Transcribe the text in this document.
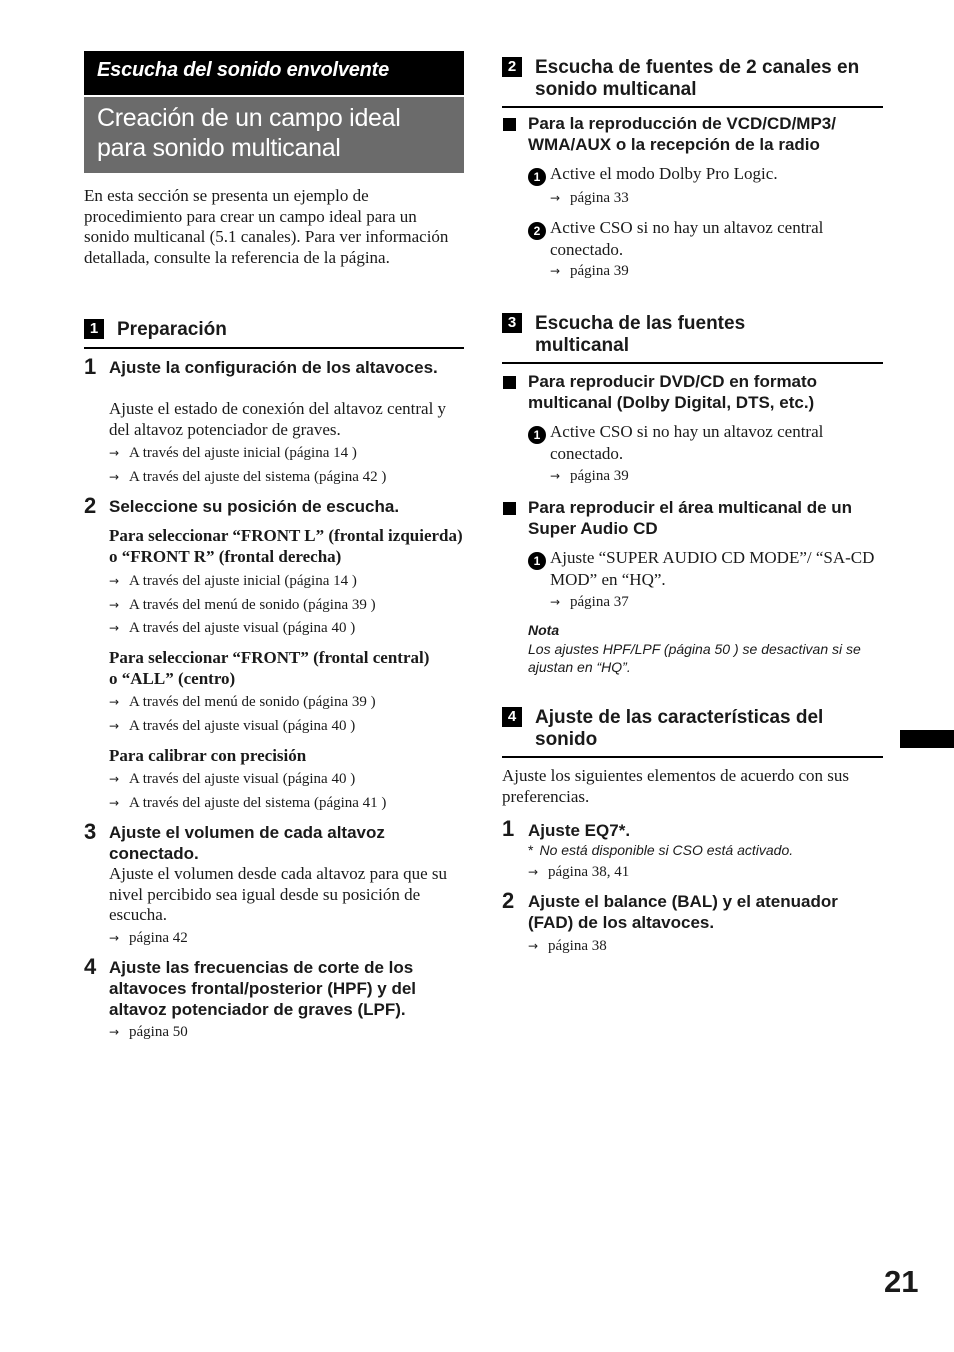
Escucha del sonido envolvente
Creación de un campo ideal
para sonido multicanal
En esta sección se presenta un ejemplo de procedimiento para crear un campo ideal para un sonido multicanal (5.1 canales). Para ver información detallada, consulte la referencia de la página.
1 Preparación
1 Ajuste la configuración de los altavoces.
Ajuste el estado de conexión del altavoz central y del altavoz potenciador de graves.
→ A través del ajuste inicial (página 14 )
→ A través del ajuste del sistema (página 42 )
2 Seleccione su posición de escucha.
Para seleccionar “FRONT L” (frontal izquierda) o “FRONT R” (frontal derecha)
→ A través del ajuste inicial (página 14 )
→ A través del menú de sonido (página 39 )
→ A través del ajuste visual (página 40 )
Para seleccionar “FRONT” (frontal central) o “ALL” (centro)
→ A través del menú de sonido (página 39 )
→ A través del ajuste visual (página 40 )
Para calibrar con precisión
→ A través del ajuste visual (página 40 )
→ A través del ajuste del sistema (página 41 )
3 Ajuste el volumen de cada altavoz conectado.
Ajuste el volumen desde cada altavoz para que su nivel percibido sea igual desde su posición de escucha.
→ página 42
4 Ajuste las frecuencias de corte de los altavoces frontal/posterior (HPF) y del altavoz potenciador de graves (LPF).
→ página 50
2 Escucha de fuentes de 2 canales en sonido multicanal
Para la reproducción de VCD/CD/MP3/ WMA/AUX o la recepción de la radio
1 Active el modo Dolby Pro Logic.
→ página 33
2 Active CSO si no hay un altavoz central conectado.
→ página 39
3 Escucha de las fuentes multicanal
Para reproducir DVD/CD en formato multicanal (Dolby Digital, DTS, etc.)
1 Active CSO si no hay un altavoz central conectado.
→ página 39
Para reproducir el área multicanal de un Super Audio CD
1 Ajuste “SUPER AUDIO CD MODE”/ “SA-CD MOD” en “HQ”.
→ página 37
Nota
Los ajustes HPF/LPF (página 50 ) se desactivan si se ajustan en “HQ”.
4 Ajuste de las características del sonido
Ajuste los siguientes elementos de acuerdo con sus preferencias.
1 Ajuste EQ7*.
* No está disponible si CSO está activado.
→ página 38, 41
2 Ajuste el balance (BAL) y el atenuador (FAD) de los altavoces.
→ página 38
21
